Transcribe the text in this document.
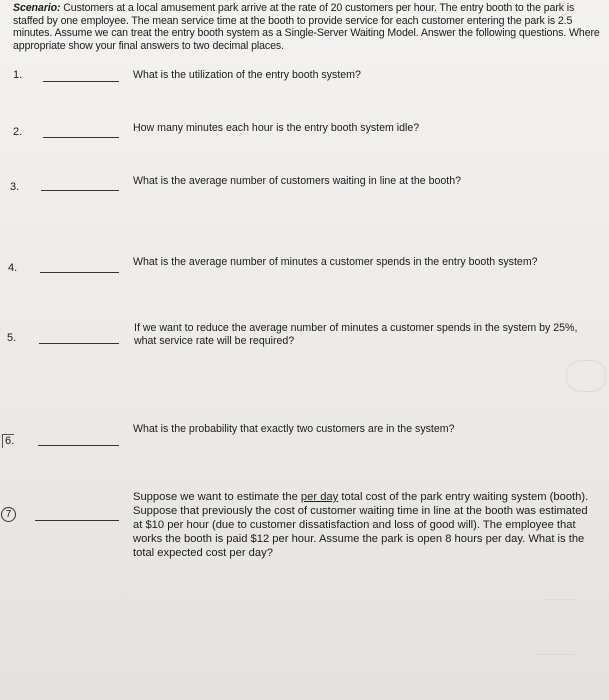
Scenario: Customers at a local amusement park arrive at the rate of 20 customers per hour. The entry booth to the park is staffed by one employee. The mean service time at the booth to provide service for each customer entering the park is 2.5 minutes. Assume we can treat the entry booth system as a Single-Server Waiting Model. Answer the following questions. Where appropriate show your final answers to two decimal places.

1.	What is the utilization of the entry booth system?
2.	How many minutes each hour is the entry booth system idle?
3.	What is the average number of customers waiting in line at the booth?
4.	What is the average number of minutes a customer spends in the entry booth system?
5.
If we want to reduce the average number of minutes a customer spends in the system by 25%, what service rate will be required?
6.
What is the probability that exactly two customers are in the system?
7

Suppose we want to estimate the per day total cost of the park entry waiting system (booth). Suppose that previously the cost of customer waiting time in line at the booth was estimated at $10 per hour (due to customer dissatisfaction and loss of good will). The employee that works the booth is paid $12 per hour. Assume the park is open 8 hours per day. What is the total expected cost per day?
